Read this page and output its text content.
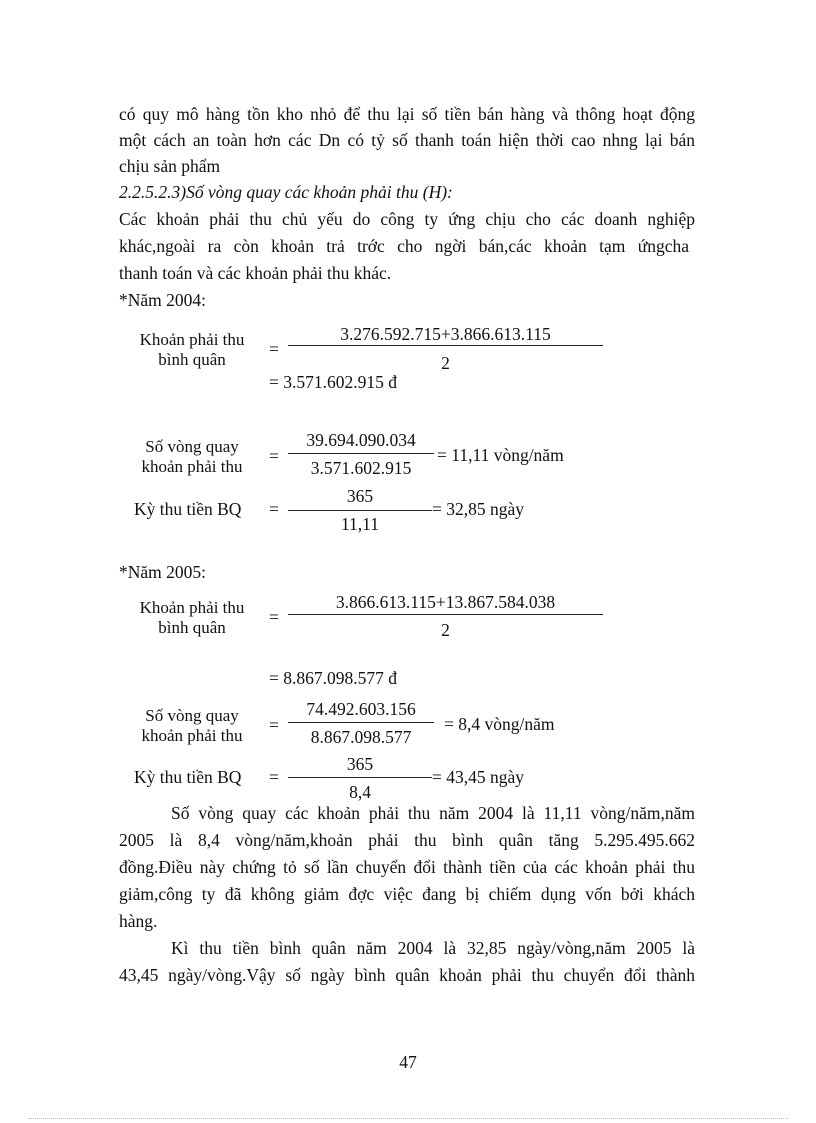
có quy mô hàng tồn kho nhỏ để thu lại số tiền bán hàng và thông hoạt động
một cách an toàn hơn các Dn có tỷ số thanh toán hiện thời cao nhng lại bán
chịu sản phẩm
2.2.5.2.3)Số vòng quay các khoản phải thu (H):
Các khoản phải thu chủ yếu do công ty ứng chịu cho các doanh nghiệp
khác,ngoài ra còn khoản trả trớc cho ngời bán,các khoản tạm ứngcha
thanh toán và các khoản phải thu khác.
*Năm 2004:
Khoản phải thu
bình quân
=
3.276.592.715+3.866.613.115
2
= 3.571.602.915 đ
Số vòng quay
khoản phải thu
=
39.694.090.034
3.571.602.915
= 11,11 vòng/năm
Kỳ thu tiền BQ =
365
11,11
= 32,85 ngày
*Năm 2005:
Khoản phải thu
bình quân
=
3.866.613.115+13.867.584.038
2
= 8.867.098.577 đ
Số vòng quay
khoản phải thu
=
74.492.603.156
8.867.098.577
= 8,4 vòng/năm
Kỳ thu tiền BQ =
365
8,4
= 43,45 ngày
Số vòng quay các khoản phải thu năm 2004 là 11,11 vòng/năm,năm
2005 là 8,4 vòng/năm,khoản phải thu bình quân tăng 5.295.495.662
đồng.Điều này chứng tỏ số lần chuyển đổi thành tiền của các khoản phải thu
giảm,công ty đã không giảm đợc việc đang bị chiếm dụng vốn bởi khách
hàng.
Kì thu tiền bình quân năm 2004 là 32,85 ngày/vòng,năm 2005 là
43,45 ngày/vòng.Vậy số ngày bình quân khoản phải thu chuyển đổi thành
47
